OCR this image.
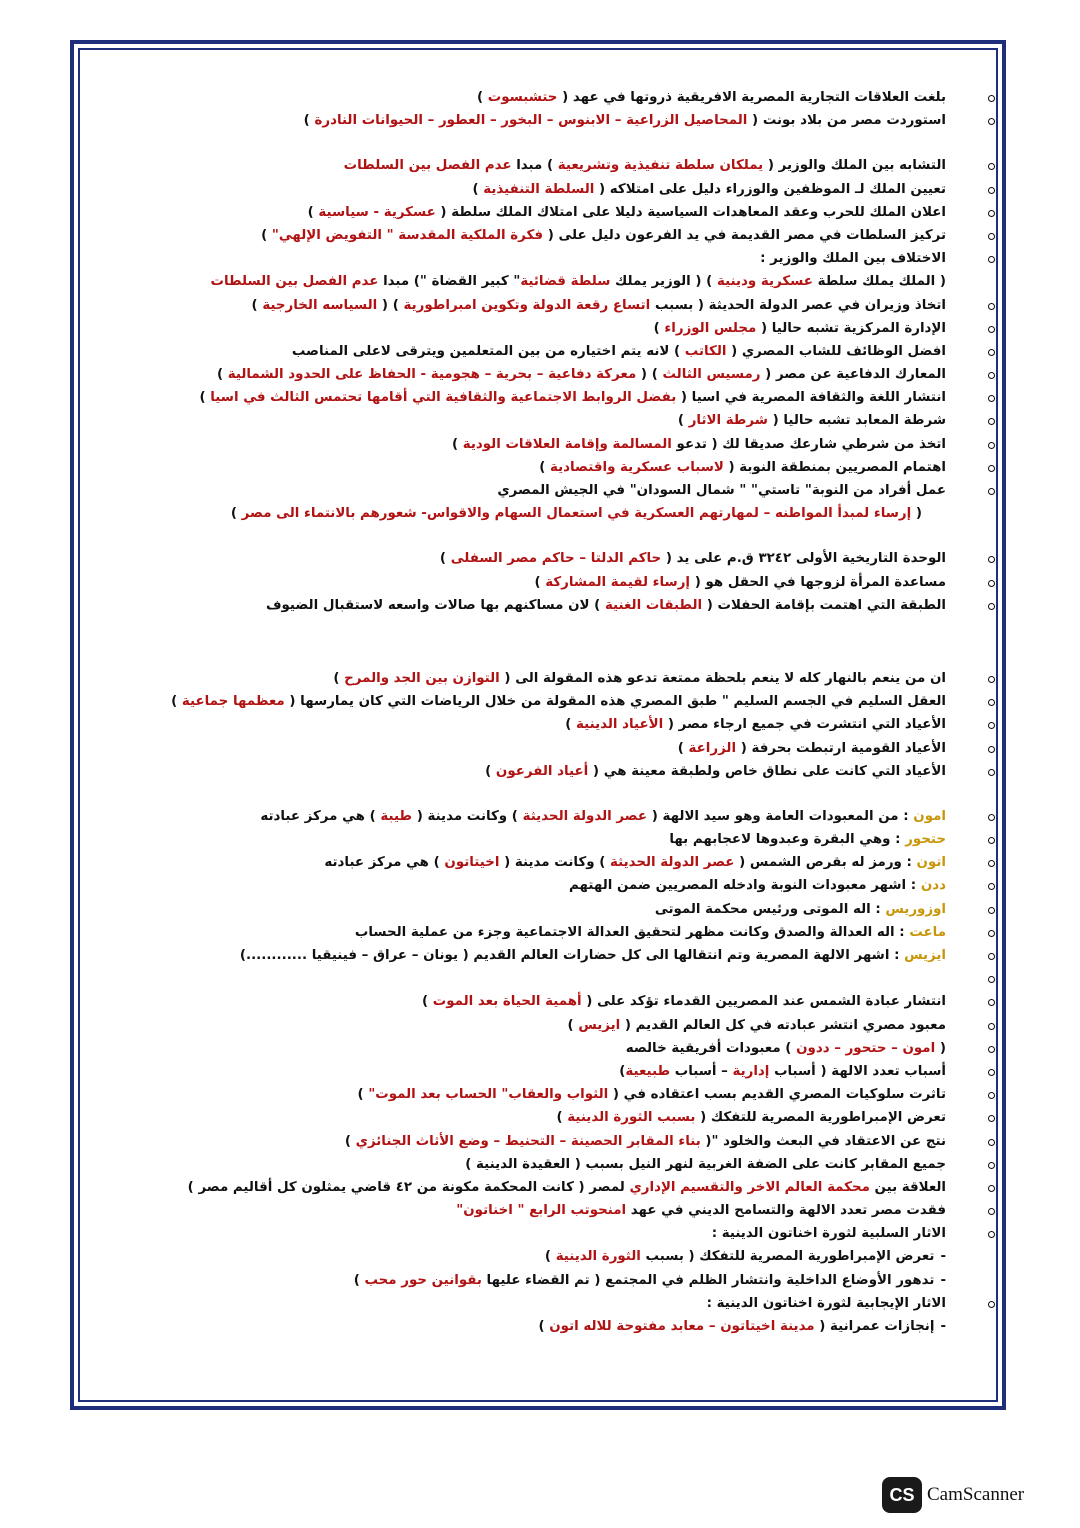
بلغت العلاقات التجارية المصرية الافريقية ذروتها في عهد ( حتشبسوت )
استوردت مصر من بلاد بونت ( المحاصيل الزراعية – الابنوس – البخور – العطور – الحيوانات النادرة )
التشابه بين الملك والوزير ( يملكان سلطة تنفيذية وتشريعية ) مبدا عدم الفصل بين السلطات
تعيين الملك لـ الموظفين والوزراء دليل على امتلاكه ( السلطة التنفيذية )
اعلان الملك للحرب وعقد المعاهدات السياسية دليلا على امتلاك الملك سلطة ( عسكرية - سياسية )
تركيز السلطات في مصر القديمة في يد الفرعون دليل على ( فكرة الملكية المقدسة " التفويض الإلهي" )
الاختلاف بين الملك والوزير :
( الملك يملك سلطة عسكرية ودينية ) ( الوزير يملك سلطة قضائية" كبير القضاة ") مبدا عدم الفصل بين السلطات
اتخاذ وزيران في عصر الدولة الحديثة ( بسبب اتساع رقعة الدولة وتكوين امبراطورية ) ( السياسه الخارجية )
الإدارة المركزية تشبه حاليا ( مجلس الوزراء )
افضل الوظائف للشاب المصري ( الكاتب ) لانه يتم اختياره من بين المتعلمين ويترقى لاعلى المناصب
المعارك الدفاعية عن مصر ( رمسيس الثالث ) ( معركة دفاعية – بحرية – هجومية - الحفاظ على الحدود الشمالية )
انتشار اللغة والثقافة المصرية في اسيا ( بفضل الروابط الاجتماعية والثقافية التي أقامها تحتمس الثالث في اسيا )
شرطة المعابد تشبه حاليا ( شرطة الاثار )
اتخذ من شرطي شارعك صديقا لك ( تدعو المسالمة وإقامة العلاقات الودية )
اهتمام المصريين بمنطقة النوبة ( لاسباب عسكرية واقتصادية )
عمل أفراد من النوبة" تاستي" " شمال السودان" في الجيش المصري
( إرساء لمبدأ المواطنه – لمهارتهم العسكرية في استعمال السهام والاقواس- شعورهم بالانتماء الى مصر )
الوحدة التاريخية الأولى ٣٢٤٢ ق.م على يد ( حاكم الدلتا – حاكم مصر السفلى )
مساعدة المرأة لزوجها في الحقل هو ( إرساء لقيمة المشاركة )
الطبقة التي اهتمت بإقامة الحفلات ( الطبقات الغنية ) لان مساكنهم بها صالات واسعه لاستقبال الضيوف
ان من ينعم بالنهار كله لا ينعم بلحظة ممتعة تدعو هذه المقولة الى ( التوازن بين الجد والمرح )
العقل السليم في الجسم السليم " طبق المصري هذه المقولة من خلال الرياضات التي كان يمارسها ( معظمها جماعية )
الأعياد التي انتشرت في جميع ارجاء مصر ( الأعياد الدينية )
الأعياد القومية ارتبطت بحرفة ( الزراعة )
الأعياد التي كانت على نطاق خاص ولطبقة معينة هي ( أعياد الفرعون )
امون : من المعبودات العامة وهو سيد الالهة ( عصر الدولة الحديثة ) وكانت مدينة ( طيبة ) هي مركز عبادته
حتحور : وهي البقرة وعبدوها لاعجابهم بها
اتون : ورمز له بقرص الشمس ( عصر الدولة الحديثة ) وكانت مدينة ( اخيتاتون ) هي مركز عبادته
ددن : اشهر معبودات النوبة وادخله المصريين ضمن الهتهم
اوزوريس : اله الموتى ورئيس محكمة الموتى
ماعت : اله العدالة والصدق وكانت مظهر لتحقيق العدالة الاجتماعية وجزء من عملية الحساب
ايزيس : اشهر الالهة المصرية وتم انتقالها الى كل حضارات العالم القديم ( يونان – عراق – فينيقيا ............)
انتشار عبادة الشمس عند المصريين القدماء تؤكد على ( أهمية الحياة بعد الموت )
معبود مصري انتشر عبادته في كل العالم القديم ( ايزيس )
( امون – حتحور – ددون ) معبودات أفريقية خالصه
أسباب تعدد الالهة ( أسباب إدارية – أسباب طبيعية)
تاثرت سلوكيات المصري القديم بسب اعتقاده في ( الثواب والعقاب" الحساب بعد الموت" )
تعرض الإمبراطورية المصرية للتفكك ( بسبب الثورة الدينية )
نتج عن الاعتقاد في البعث والخلود "( بناء المقابر الحصينة – التحنيط – وضع الأثاث الجنائزي )
جميع المقابر كانت على الضفة الغربية لنهر النيل بسبب ( العقيدة الدينية )
العلاقة بين محكمة العالم الاخر والتقسيم الإداري لمصر ( كانت المحكمة مكونة من ٤٢ قاضي يمثلون كل أقاليم مصر )
فقدت مصر تعدد الالهة والتسامح الديني في عهد امنحوتب الرابع " اخناتون"
الاثار السلبية لثورة اخناتون الدينية :
-تعرض الإمبراطورية المصرية للتفكك ( بسبب الثورة الدينية )
-تدهور الأوضاع الداخلية وانتشار الظلم في المجتمع ( تم القضاء عليها بقوانين حور محب )
الاثار الإيجابية لثورة اخناتون الدينية :
-إنجازات عمرانية ( مدينة اخيتاتون – معابد مفتوحة للاله اتون )
CS CamScanner
